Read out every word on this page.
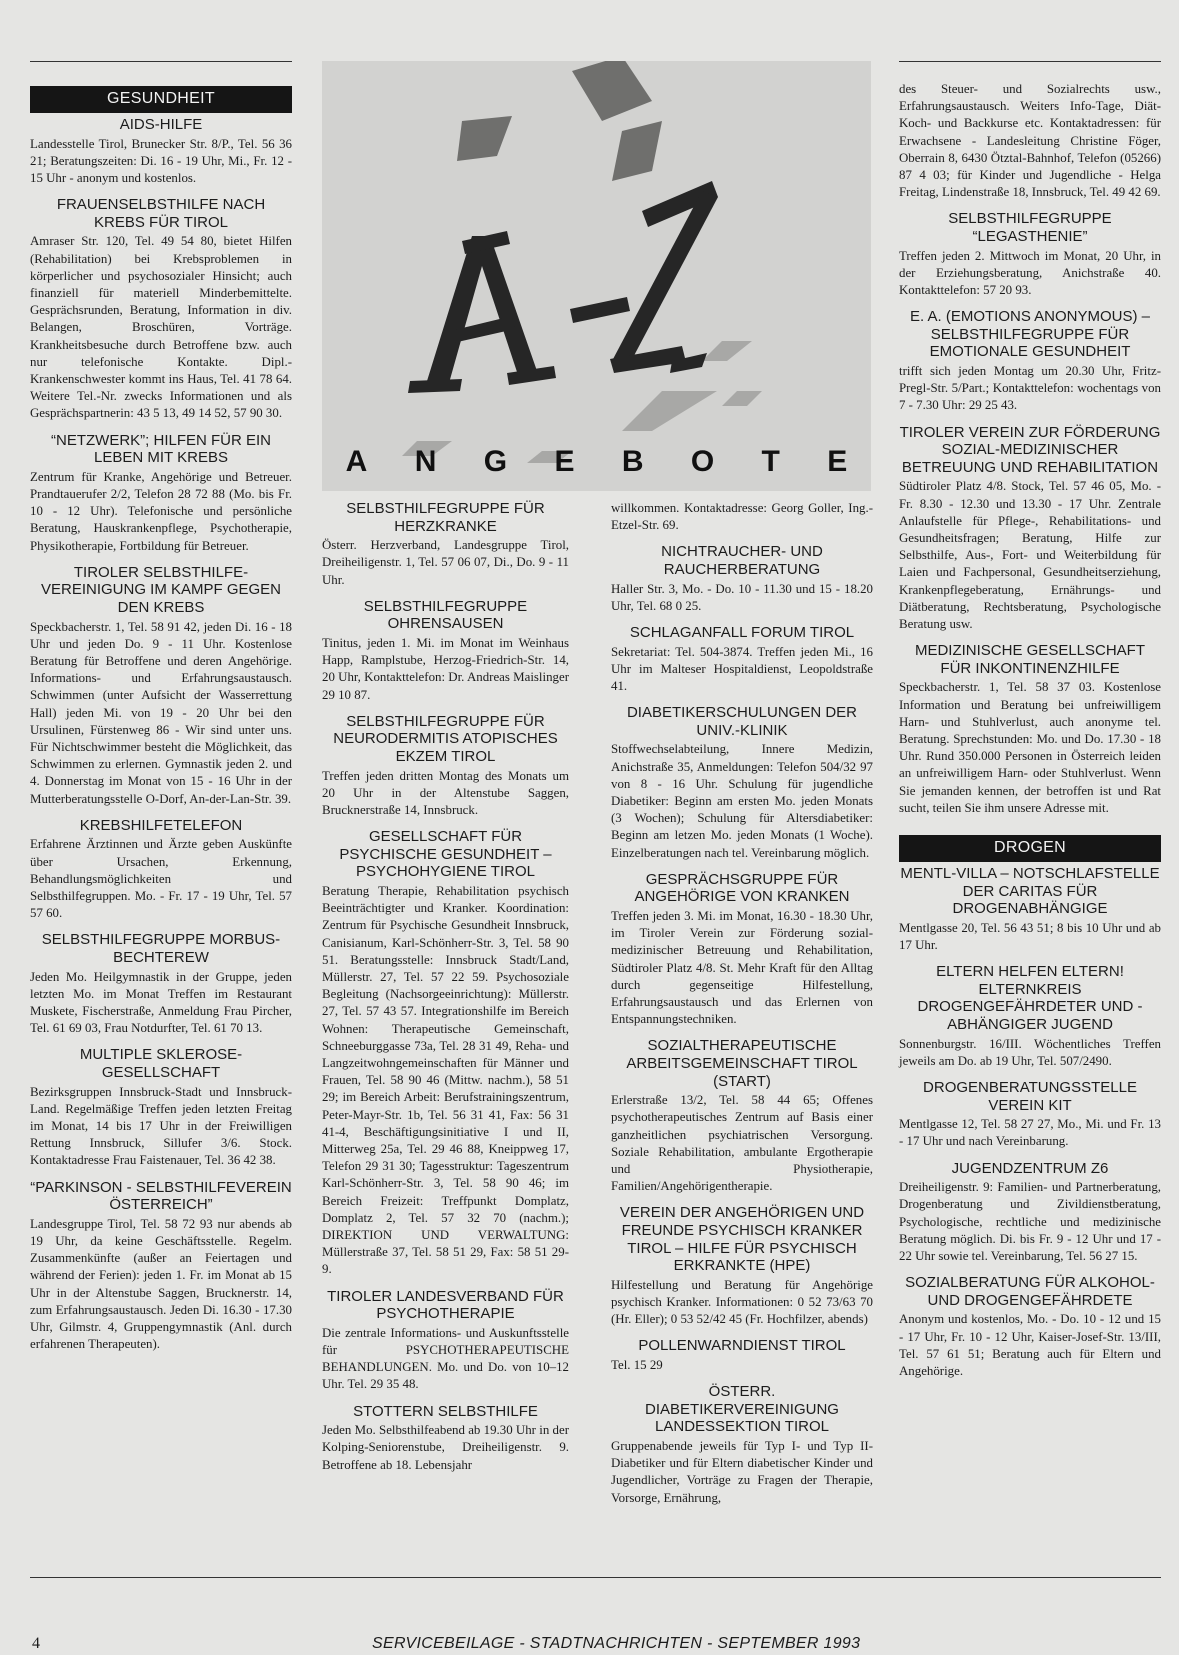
A N G E B O T E
GESUNDHEIT
AIDS-HILFE

Landesstelle Tirol, Brunecker Str. 8/P., Tel. 56 36 21; Beratungszeiten: Di. 16 - 19 Uhr, Mi., Fr. 12 - 15 Uhr - anonym und kostenlos.

FRAUENSELBSTHILFE NACH KREBS FÜR TIROL

Amraser Str. 120, Tel. 49 54 80, bietet Hilfen (Rehabilitation) bei Krebsproblemen in körperlicher und psychosozialer Hinsicht; auch finanziell für materiell Minderbemittelte. Gesprächsrunden, Beratung, Information in div. Belangen, Broschüren, Vorträge. Krankheitsbesuche durch Betroffene bzw. auch nur telefonische Kontakte. Dipl.-Krankenschwester kommt ins Haus, Tel. 41 78 64. Weitere Tel.-Nr. zwecks Informationen und als Gesprächspartnerin: 43 5 13, 49 14 52, 57 90 30.

“NETZWERK”; HILFEN FÜR EIN LEBEN MIT KREBS

Zentrum für Kranke, Angehörige und Betreuer. Prandtauerufer 2/2, Telefon 28 72 88 (Mo. bis Fr. 10 - 12 Uhr). Telefonische und persönliche Beratung, Hauskrankenpflege, Psychotherapie, Physikotherapie, Fortbildung für Betreuer.

TIROLER SELBSTHILFE-VEREINIGUNG IM KAMPF GEGEN DEN KREBS

Speckbacherstr. 1, Tel. 58 91 42, jeden Di. 16 - 18 Uhr und jeden Do. 9 - 11 Uhr. Kostenlose Beratung für Betroffene und deren Angehörige. Informations- und Erfahrungsaustausch. Schwimmen (unter Aufsicht der Wasserrettung Hall) jeden Mi. von 19 - 20 Uhr bei den Ursulinen, Fürstenweg 86 - Wir sind unter uns. Für Nichtschwimmer besteht die Möglichkeit, das Schwimmen zu erlernen. Gymnastik jeden 2. und 4. Donnerstag im Monat von 15 - 16 Uhr in der Mutterberatungsstelle O-Dorf, An-der-Lan-Str. 39.

KREBSHILFETELEFON

Erfahrene Ärztinnen und Ärzte geben Auskünfte über Ursachen, Erkennung, Behandlungsmöglichkeiten und Selbsthilfegruppen. Mo. - Fr. 17 - 19 Uhr, Tel. 57 57 60.

SELBSTHILFEGRUPPE MORBUS-BECHTEREW

Jeden Mo. Heilgymnastik in der Gruppe, jeden letzten Mo. im Monat Treffen im Restaurant Muskete, Fischerstraße, Anmeldung Frau Pircher, Tel. 61 69 03, Frau Notdurfter, Tel. 61 70 13.

MULTIPLE SKLEROSE-GESELLSCHAFT

Bezirksgruppen Innsbruck-Stadt und Innsbruck-Land. Regelmäßige Treffen jeden letzten Freitag im Monat, 14 bis 17 Uhr in der Freiwilligen Rettung Innsbruck, Sillufer 3/6. Stock. Kontaktadresse Frau Faistenauer, Tel. 36 42 38.

“PARKINSON - SELBSTHILFEVEREIN ÖSTERREICH”

Landesgruppe Tirol, Tel. 58 72 93 nur abends ab 19 Uhr, da keine Geschäftsstelle. Regelm. Zusammenkünfte (außer an Feiertagen und während der Ferien): jeden 1. Fr. im Monat ab 15 Uhr in der Altenstube Saggen, Brucknerstr. 14, zum Erfahrungsaustausch. Jeden Di. 16.30 - 17.30 Uhr, Gilmstr. 4, Gruppengymnastik (Anl. durch erfahrenen Therapeuten).

SELBSTHILFEGRUPPE FÜR HERZKRANKE

Österr. Herzverband, Landesgruppe Tirol, Dreiheiligenstr. 1, Tel. 57 06 07, Di., Do. 9 - 11 Uhr.

SELBSTHILFEGRUPPE OHRENSAUSEN

Tinitus, jeden 1. Mi. im Monat im Weinhaus Happ, Ramplstube, Herzog-Friedrich-Str. 14, 20 Uhr, Kontakttelefon: Dr. Andreas Maislinger 29 10 87.

SELBSTHILFEGRUPPE FÜR NEURODERMITIS ATOPISCHES EKZEM TIROL

Treffen jeden dritten Montag des Monats um 20 Uhr in der Altenstube Saggen, Brucknerstraße 14, Innsbruck.

GESELLSCHAFT FÜR PSYCHISCHE GESUNDHEIT – PSYCHOHYGIENE TIROL

Beratung Therapie, Rehabilitation psychisch Beeinträchtigter und Kranker. Koordination: Zentrum für Psychische Gesundheit Innsbruck, Canisianum, Karl-Schönherr-Str. 3, Tel. 58 90 51. Beratungsstelle: Innsbruck Stadt/Land, Müllerstr. 27, Tel. 57 22 59. Psychosoziale Begleitung (Nachsorgeeinrichtung): Müllerstr. 27, Tel. 57 43 57. Integrationshilfe im Bereich Wohnen: Therapeutische Gemeinschaft, Schneeburggasse 73a, Tel. 28 31 49, Reha- und Langzeitwohngemeinschaften für Männer und Frauen, Tel. 58 90 46 (Mittw. nachm.), 58 51 29; im Bereich Arbeit: Berufstrainingszentrum, Peter-Mayr-Str. 1b, Tel. 56 31 41, Fax: 56 31 41-4, Beschäftigungsinitiative I und II, Mitterweg 25a, Tel. 29 46 88, Kneippweg 17, Telefon 29 31 30; Tagesstruktur: Tageszentrum Karl-Schönherr-Str. 3, Tel. 58 90 46; im Bereich Freizeit: Treffpunkt Domplatz, Domplatz 2, Tel. 57 32 70 (nachm.); DIREKTION UND VERWALTUNG: Müllerstraße 37, Tel. 58 51 29, Fax: 58 51 29-9.

TIROLER LANDESVERBAND FÜR PSYCHOTHERAPIE

Die zentrale Informations- und Auskunftsstelle für PSYCHOTHERAPEUTISCHE BEHANDLUNGEN. Mo. und Do. von 10–12 Uhr. Tel. 29 35 48.

STOTTERN SELBSTHILFE

Jeden Mo. Selbsthilfeabend ab 19.30 Uhr in der Kolping-Seniorenstube, Dreiheiligenstr. 9. Betroffene ab 18. Lebensjahr

willkommen. Kontaktadresse: Georg Goller, Ing.-Etzel-Str. 69.

NICHTRAUCHER- UND RAUCHERBERATUNG

Haller Str. 3, Mo. - Do. 10 - 11.30 und 15 - 18.20 Uhr, Tel. 68 0 25.

SCHLAGANFALL FORUM TIROL

Sekretariat: Tel. 504-3874. Treffen jeden Mi., 16 Uhr im Malteser Hospitaldienst, Leopoldstraße 41.

DIABETIKERSCHULUNGEN DER UNIV.-KLINIK

Stoffwechselabteilung, Innere Medizin, Anichstraße 35, Anmeldungen: Telefon 504/32 97 von 8 - 16 Uhr. Schulung für jugendliche Diabetiker: Beginn am ersten Mo. jeden Monats (3 Wochen); Schulung für Altersdiabetiker: Beginn am letzen Mo. jeden Monats (1 Woche). Einzelberatungen nach tel. Vereinbarung möglich.

GESPRÄCHSGRUPPE FÜR ANGEHÖRIGE VON KRANKEN

Treffen jeden 3. Mi. im Monat, 16.30 - 18.30 Uhr, im Tiroler Verein zur Förderung sozial-medizinischer Betreuung und Rehabilitation, Südtiroler Platz 4/8. St. Mehr Kraft für den Alltag durch gegenseitige Hilfestellung, Erfahrungsaustausch und das Erlernen von Entspannungstechniken.

SOZIALTHERAPEUTISCHE ARBEITSGEMEINSCHAFT TIROL (START)

Erlerstraße 13/2, Tel. 58 44 65; Offenes psychotherapeutisches Zentrum auf Basis einer ganzheitlichen psychiatrischen Versorgung. Soziale Rehabilitation, ambulante Ergotherapie und Physiotherapie, Familien/Angehörigentherapie.

VEREIN DER ANGEHÖRIGEN UND FREUNDE PSYCHISCH KRANKER TIROL – HILFE FÜR PSYCHISCH ERKRANKTE (HPE)

Hilfestellung und Beratung für Angehörige psychisch Kranker. Informationen: 0 52 73/63 70 (Hr. Eller); 0 53 52/42 45 (Fr. Hochfilzer, abends)

POLLENWARNDIENST TIROL

Tel. 15 29

ÖSTERR. DIABETIKERVEREINIGUNG LANDESSEKTION TIROL

Gruppenabende jeweils für Typ I- und Typ II-Diabetiker und für Eltern diabetischer Kinder und Jugendlicher, Vorträge zu Fragen der Therapie, Vorsorge, Ernährung,

des Steuer- und Sozialrechts usw., Erfahrungsaustausch. Weiters Info-Tage, Diät-Koch- und Backkurse etc. Kontaktadressen: für Erwachsene - Landesleitung Christine Föger, Oberrain 8, 6430 Ötztal-Bahnhof, Telefon (05266) 87 4 03; für Kinder und Jugendliche - Helga Freitag, Lindenstraße 18, Innsbruck, Tel. 49 42 69.

SELBSTHILFEGRUPPE “LEGASTHENIE”

Treffen jeden 2. Mittwoch im Monat, 20 Uhr, in der Erziehungsberatung, Anichstraße 40. Kontakttelefon: 57 20 93.

E. A. (EMOTIONS ANONYMOUS) – SELBSTHILFEGRUPPE FÜR EMOTIONALE GESUNDHEIT

trifft sich jeden Montag um 20.30 Uhr, Fritz-Pregl-Str. 5/Part.; Kontakttelefon: wochentags von 7 - 7.30 Uhr: 29 25 43.

TIROLER VEREIN ZUR FÖRDERUNG SOZIAL-MEDIZINISCHER BETREUUNG UND REHABILITATION

Südtiroler Platz 4/8. Stock, Tel. 57 46 05, Mo. - Fr. 8.30 - 12.30 und 13.30 - 17 Uhr. Zentrale Anlaufstelle für Pflege-, Rehabilitations- und Gesundheitsfragen; Beratung, Hilfe zur Selbsthilfe, Aus-, Fort- und Weiterbildung für Laien und Fachpersonal, Gesundheitserziehung, Krankenpflegeberatung, Ernährungs- und Diätberatung, Rechtsberatung, Psychologische Beratung usw.

MEDIZINISCHE GESELLSCHAFT FÜR INKONTINENZHILFE

Speckbacherstr. 1, Tel. 58 37 03. Kostenlose Information und Beratung bei unfreiwilligem Harn- und Stuhlverlust, auch anonyme tel. Beratung. Sprechstunden: Mo. und Do. 17.30 - 18 Uhr. Rund 350.000 Personen in Österreich leiden an unfreiwilligem Harn- oder Stuhlverlust. Wenn Sie jemanden kennen, der betroffen ist und Rat sucht, teilen Sie ihm unsere Adresse mit.

DROGEN
MENTL-VILLA – NOTSCHLAFSTELLE DER CARITAS FÜR DROGENABHÄNGIGE

Mentlgasse 20, Tel. 56 43 51; 8 bis 10 Uhr und ab 17 Uhr.

ELTERN HELFEN ELTERN! ELTERNKREIS DROGENGEFÄHRDETER UND -ABHÄNGIGER JUGEND

Sonnenburgstr. 16/III. Wöchentliches Treffen jeweils am Do. ab 19 Uhr, Tel. 507/2490.

DROGENBERATUNGSSTELLE VEREIN KIT

Mentlgasse 12, Tel. 58 27 27, Mo., Mi. und Fr. 13 - 17 Uhr und nach Vereinbarung.

JUGENDZENTRUM Z6

Dreiheiligenstr. 9: Familien- und Partnerberatung, Drogenberatung und Zivildienstberatung, Psychologische, rechtliche und medizinische Beratung möglich. Di. bis Fr. 9 - 12 Uhr und 17 - 22 Uhr sowie tel. Vereinbarung, Tel. 56 27 15.

SOZIALBERATUNG FÜR ALKOHOL- UND DROGENGEFÄHRDETE

Anonym und kostenlos, Mo. - Do. 10 - 12 und 15 - 17 Uhr, Fr. 10 - 12 Uhr, Kaiser-Josef-Str. 13/III, Tel. 57 61 51; Beratung auch für Eltern und Angehörige.

4	SERVICEBEILAGE - STADTNACHRICHTEN - SEPTEMBER 1993
